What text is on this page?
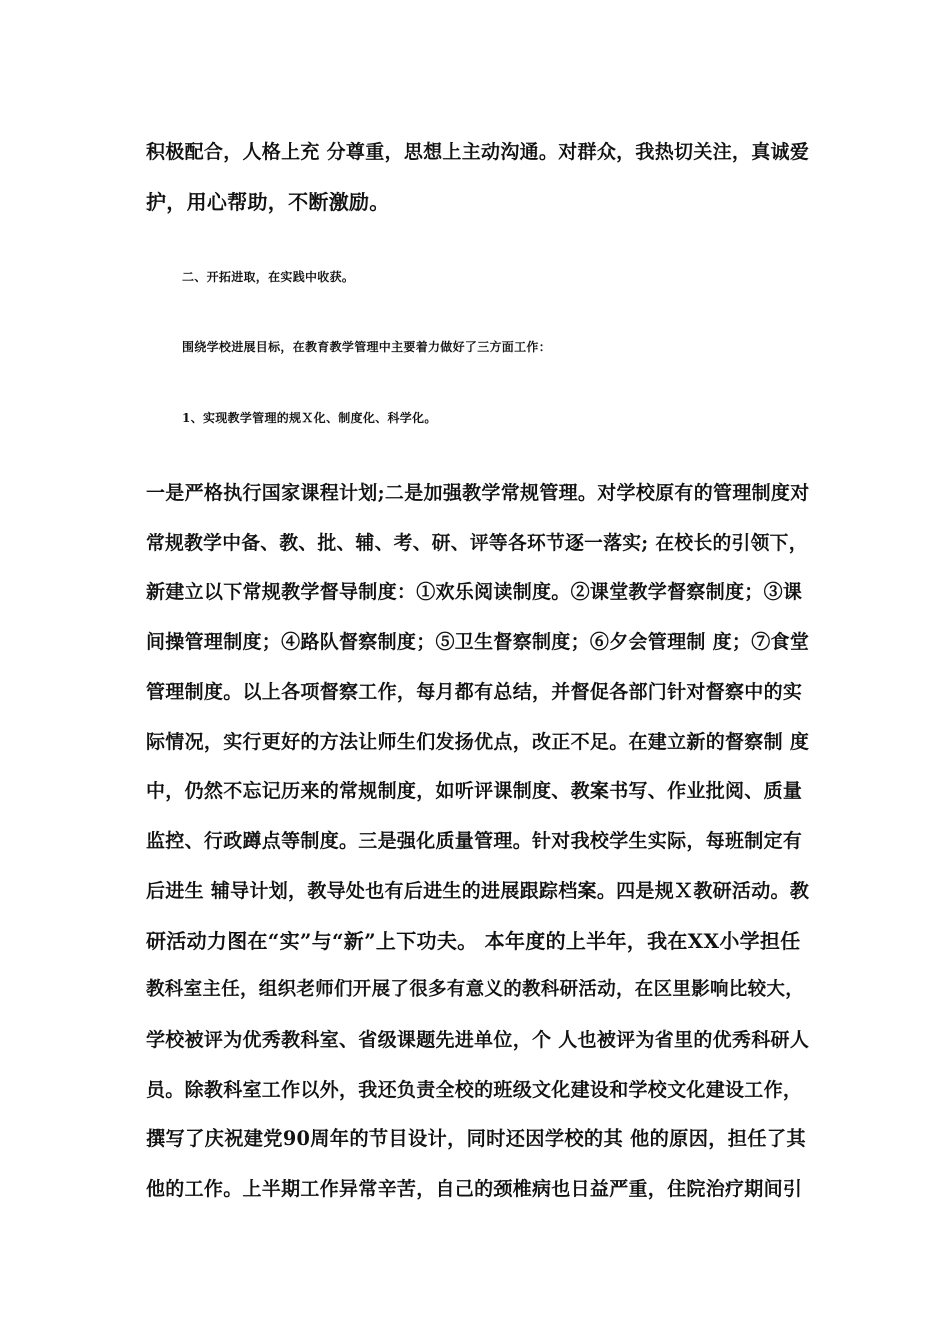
积极配合，人格上充 分尊重，思想上主动沟通。对群众，我热切关注，真诚爱

护，用心帮助，不断激励。

二、开拓进取，在实践中收获。

围绕学校进展目标，在教育教学管理中主要着力做好了三方面工作：

1、实现教学管理的规Ｘ化、制度化、科学化。

一是严格执行国家课程计划;二是加强教学常规管理。对学校原有的管理制度对

常规教学中备、教、批、辅、考、研、评等各环节逐一落实; 在校长的引领下，

新建立以下常规教学督导制度：①欢乐阅读制度。②课堂教学督察制度；③课

间操管理制度；④路队督察制度；⑤卫生督察制度；⑥夕会管理制 度；⑦食堂

管理制度。以上各项督察工作，每月都有总结，并督促各部门针对督察中的实

际情况，实行更好的方法让师生们发扬优点，改正不足。在建立新的督察制 度

中，仍然不忘记历来的常规制度，如听评课制度、教案书写、作业批阅、质量

监控、行政蹲点等制度。三是强化质量管理。针对我校学生实际，每班制定有

后进生 辅导计划，教导处也有后进生的进展跟踪档案。四是规Ｘ教研活动。教

研活动力图在“实”与“新”上下功夫。 本年度的上半年，我在XX小学担任

教科室主任，组织老师们开展了很多有意义的教科研活动，在区里影响比较大，

学校被评为优秀教科室、省级课题先进单位，个 人也被评为省里的优秀科研人

员。除教科室工作以外，我还负责全校的班级文化建设和学校文化建设工作，

撰写了庆祝建党90周年的节目设计，同时还因学校的其 他的原因，担任了其

他的工作。上半期工作异常辛苦，自己的颈椎病也日益严重，住院治疗期间引
